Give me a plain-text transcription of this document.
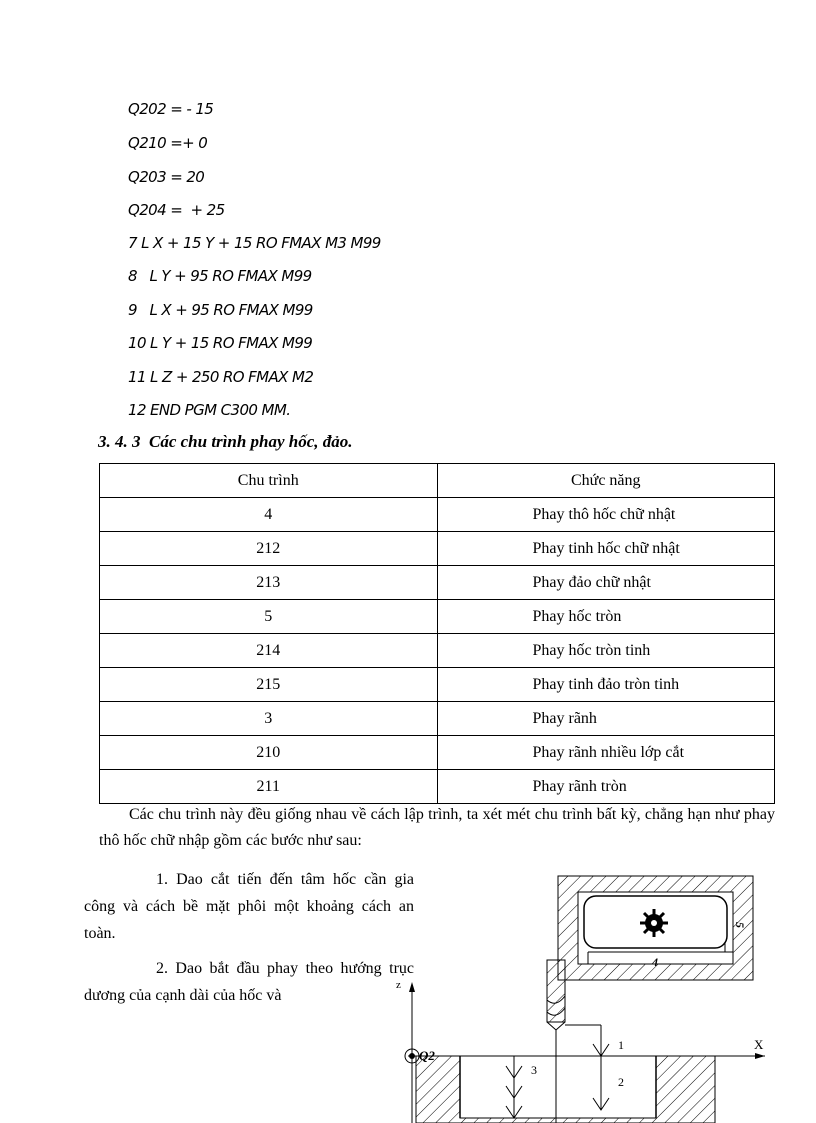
Q202 = - 15
Q210 =+ 0
Q203 = 20
Q204 =  + 25
7 L X + 15 Y + 15 RO FMAX M3 M99
8   L Y + 95 RO FMAX M99
9   L X + 95 RO FMAX M99
10 L Y + 15 RO FMAX M99
11 L Z + 250 RO FMAX M2
12 END PGM C300 MM.
3. 4. 3  Các chu trình phay hốc, đảo.
Chu trình	Chức năng
4	Phay thô hốc chữ nhật
212	Phay tinh hốc chữ nhật
213	Phay đảo chữ nhật
5	Phay hốc tròn
214	Phay hốc tròn tinh
215	Phay tinh đảo tròn tinh
3	Phay rãnh
210	Phay rãnh nhiều lớp cắt
211	Phay rãnh tròn
Các chu trình này đều giống nhau về cách lập trình, ta xét mét chu trình bất kỳ, chẳng hạn như phay thô hốc chữ nhập gồm các bước như sau:
1. Dao cắt tiến đến tâm hốc cần gia công và cách bề mặt phôi một khoảng cách an toàn.
2. Dao bắt đầu phay theo hướng trục dương của cạnh dài của hốc và
z
X
Q2
1
2
3
4
5
